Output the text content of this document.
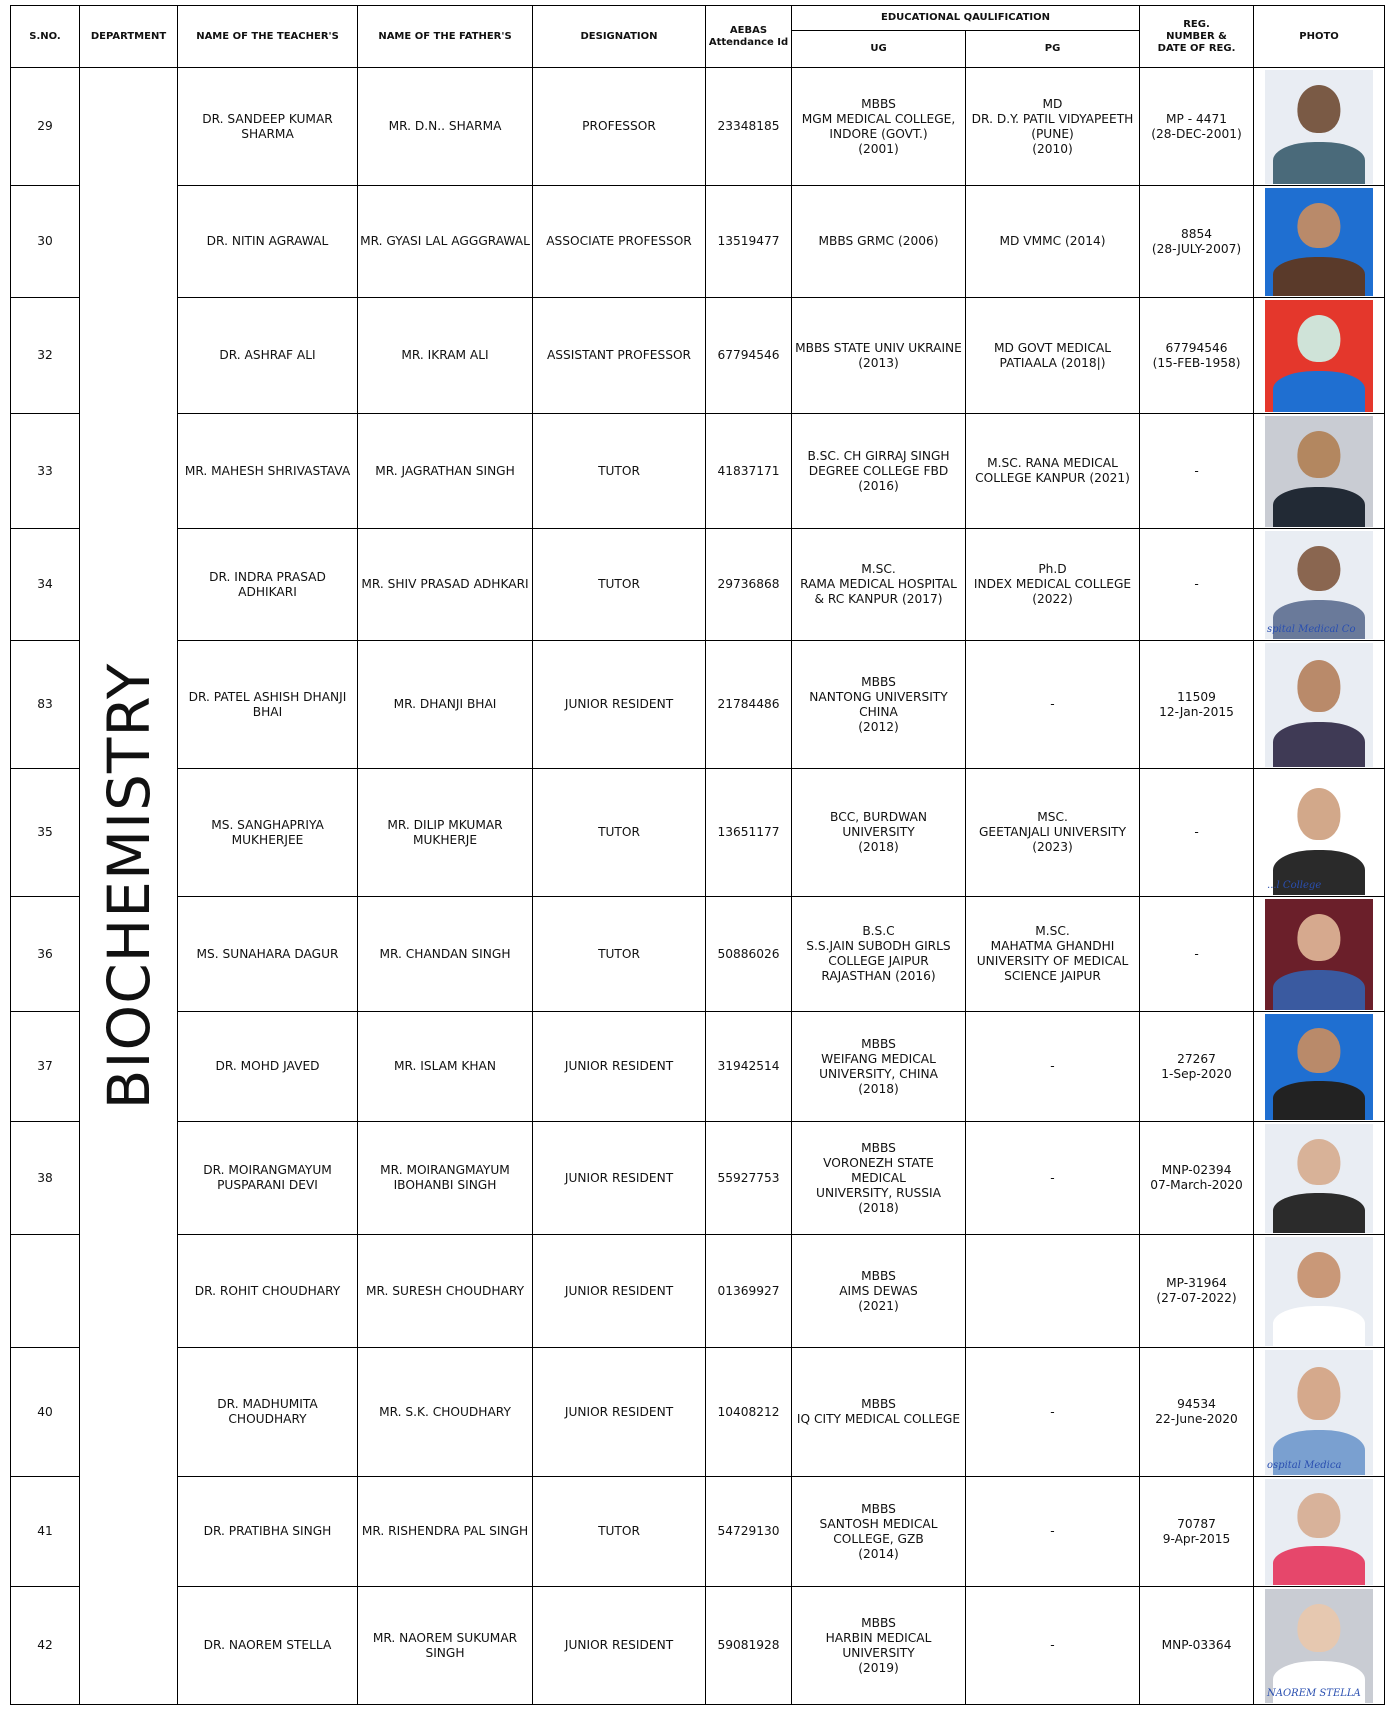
S.NO.	DEPARTMENT	NAME OF THE TEACHER'S	NAME OF THE FATHER'S	DESIGNATION	AEBAS
Attendance Id	EDUCATIONAL QAULIFICATION		REG.
NUMBER &
DATE OF REG.	PHOTO
						UG	PG		
29	BIOCHEMISTRY	DR. SANDEEP KUMAR
SHARMA	MR. D.N.. SHARMA	PROFESSOR	23348185	MBBS
MGM MEDICAL COLLEGE,
INDORE (GOVT.)
(2001)	MD
DR. D.Y. PATIL VIDYAPEETH
(PUNE)
(2010)	MP - 4471
(28-DEC-2001)	

30		DR. NITIN AGRAWAL	MR. GYASI LAL AGGGRAWAL	ASSOCIATE PROFESSOR	13519477	MBBS GRMC (2006)	MD VMMC (2014)	8854
(28-JULY-2007)	

32		DR. ASHRAF ALI	MR. IKRAM ALI	ASSISTANT PROFESSOR	67794546	MBBS STATE UNIV UKRAINE
(2013)	MD GOVT MEDICAL
PATIAALA (2018|)	67794546
(15-FEB-1958)	

33		MR. MAHESH SHRIVASTAVA	MR. JAGRATHAN SINGH	TUTOR	41837171	B.SC. CH GIRRAJ SINGH
DEGREE COLLEGE FBD
(2016)	M.SC. RANA MEDICAL
COLLEGE KANPUR (2021)	-	

34		DR. INDRA PRASAD ADHIKARI	MR. SHIV PRASAD ADHKARI	TUTOR	29736868	M.SC.
RAMA MEDICAL HOSPITAL
& RC KANPUR (2017)	Ph.D
INDEX MEDICAL COLLEGE
(2022)	-	spital Medical Co

83		DR. PATEL ASHISH DHANJI
BHAI	MR. DHANJI BHAI	JUNIOR RESIDENT	21784486	MBBS
NANTONG UNIVERSITY
CHINA
(2012)	-	11509
12-Jan-2015	

35		MS. SANGHAPRIYA
MUKHERJEE	MR. DILIP MKUMAR
MUKHERJE	TUTOR	13651177	BCC, BURDWAN UNIVERSITY
(2018)	MSC.
GEETANJALI UNIVERSITY
(2023)	-	...l College

36		MS. SUNAHARA DAGUR	MR. CHANDAN SINGH	TUTOR	50886026	B.S.C
S.S.JAIN SUBODH GIRLS
COLLEGE JAIPUR
RAJASTHAN (2016)	M.SC.
MAHATMA GHANDHI
UNIVERSITY OF MEDICAL
SCIENCE JAIPUR	-	

37		DR. MOHD JAVED	MR. ISLAM KHAN	JUNIOR RESIDENT	31942514	MBBS
WEIFANG MEDICAL
UNIVERSITY, CHINA
(2018)	-	27267
1-Sep-2020	

38		DR. MOIRANGMAYUM
PUSPARANI DEVI	MR. MOIRANGMAYUM
IBOHANBI SINGH	JUNIOR RESIDENT	55927753	MBBS
VORONEZH STATE MEDICAL
UNIVERSITY, RUSSIA
(2018)	-	MNP-02394
07-March-2020	

		DR. ROHIT CHOUDHARY	MR. SURESH CHOUDHARY	JUNIOR RESIDENT	01369927	MBBS
AIMS DEWAS
(2021)		MP-31964
(27-07-2022)	

40		DR. MADHUMITA
CHOUDHARY	MR. S.K. CHOUDHARY	JUNIOR RESIDENT	10408212	MBBS
IQ CITY MEDICAL COLLEGE	-	94534
22-June-2020	ospital Medica

41		DR. PRATIBHA SINGH	MR. RISHENDRA PAL SINGH	TUTOR	54729130	MBBS
SANTOSH MEDICAL
COLLEGE, GZB
(2014)	-	70787
9-Apr-2015	

42		DR. NAOREM STELLA	MR. NAOREM SUKUMAR
SINGH	JUNIOR RESIDENT	59081928	MBBS
HARBIN MEDICAL
UNIVERSITY
(2019)	-	MNP-03364	NAOREM STELLA
